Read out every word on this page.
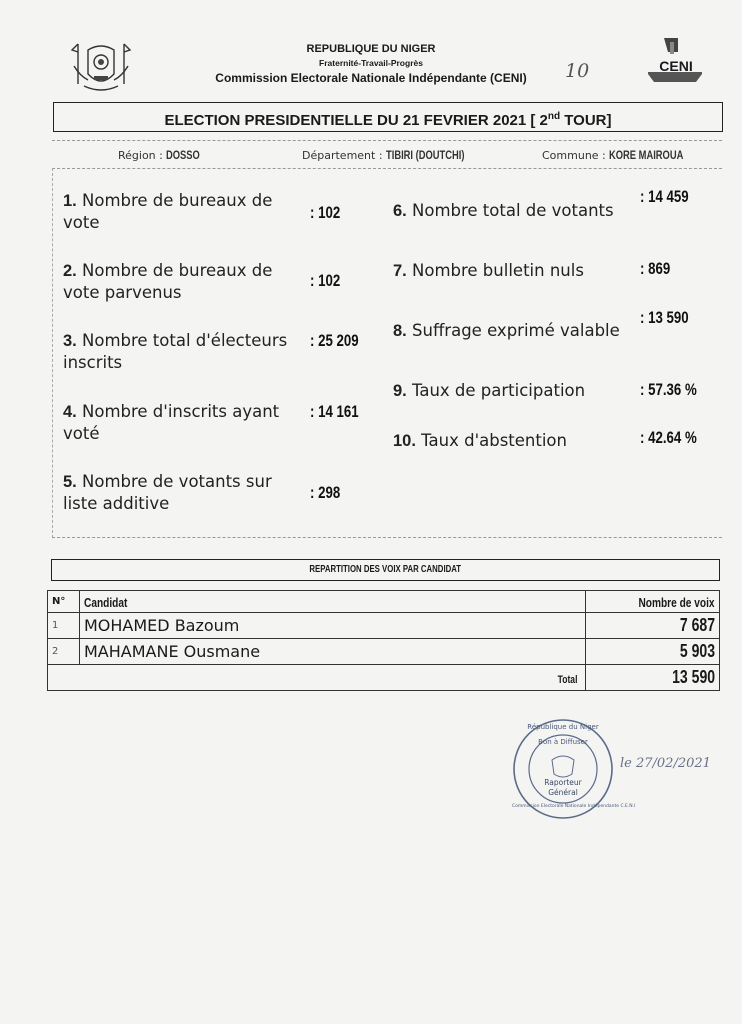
REPUBLIQUE DU NIGER
Fraternité-Travail-Progrès
Commission Electorale Nationale Indépendante (CENI)	10	CENI
ELECTION PRESIDENTIELLE DU 21 FEVRIER 2021 [ 2nd TOUR]
Région : DOSSO	Département : TIBIRI (DOUTCHI)	Commune : KORE MAIROUA
1. Nombre de bureaux de vote
: 102
2. Nombre de bureaux de vote parvenus
: 102
3. Nombre total d'électeurs inscrits
: 25 209
4. Nombre d'inscrits ayant voté
: 14 161
5. Nombre de votants sur liste additive
: 298
6. Nombre total de votants
: 14 459
7. Nombre bulletin nuls	: 869
8. Suffrage exprimé valable
: 13 590
9. Taux de participation	: 57.36 %
10. Taux d'abstention	: 42.64 %
REPARTITION DES VOIX PAR CANDIDAT
N°	Candidat	Nombre de voix
1	MOHAMED Bazoum	7 687
2	MAHAMANE Ousmane	5 903
Total		13 590
République du Niger
Bon à Diffuser
Raporteur
Général
Commission Electorale Nationale Indépendante C.E.N.I
le 27/02/2021
